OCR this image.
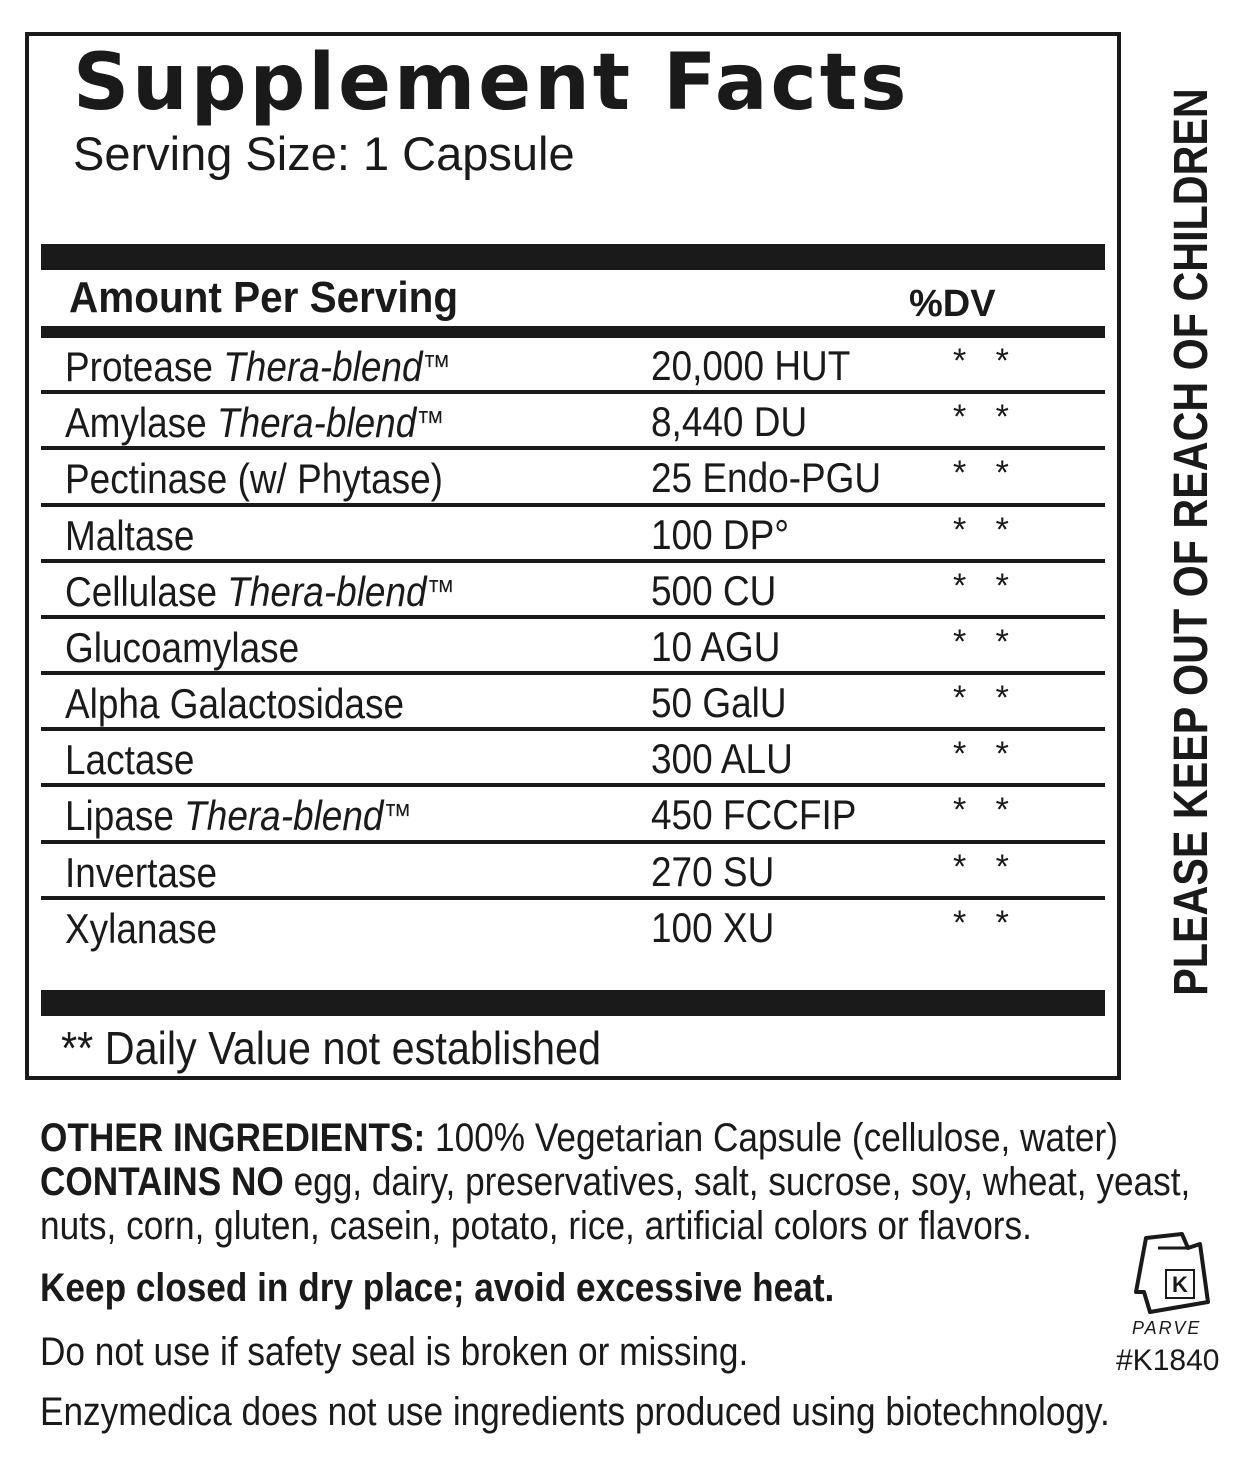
Supplement Facts
Serving Size: 1 Capsule
Amount Per Serving	%DV
Protease Thera-blend™	20,000 HUT	* *
Amylase Thera-blend™	8,440 DU	* *
Pectinase (w/ Phytase)	25 Endo-PGU * *
Maltase	100 DP°	* *
Cellulase Thera-blend™	500 CU	* *
Glucoamylase	10 AGU	* *
Alpha Galactosidase	50 GalU	* *
Lactase	300 ALU	* *
Lipase Thera-blend™	450 FCCFIP	* *
Invertase	270 SU	* *
Xylanase	100 XU	* *
** Daily Value not established
PLEASE KEEP OUT OF REACH OF CHILDREN

OTHER INGREDIENTS: 100% Vegetarian Capsule (cellulose, water)

CONTAINS NO egg, dairy, preservatives, salt, sucrose, soy, wheat, yeast,

nuts, corn, gluten, casein, potato, rice, artificial colors or flavors.

Keep closed in dry place; avoid excessive heat.

Do not use if safety seal is broken or missing.

Enzymedica does not use ingredients produced using biotechnology.

K
PARVE
#K1840
